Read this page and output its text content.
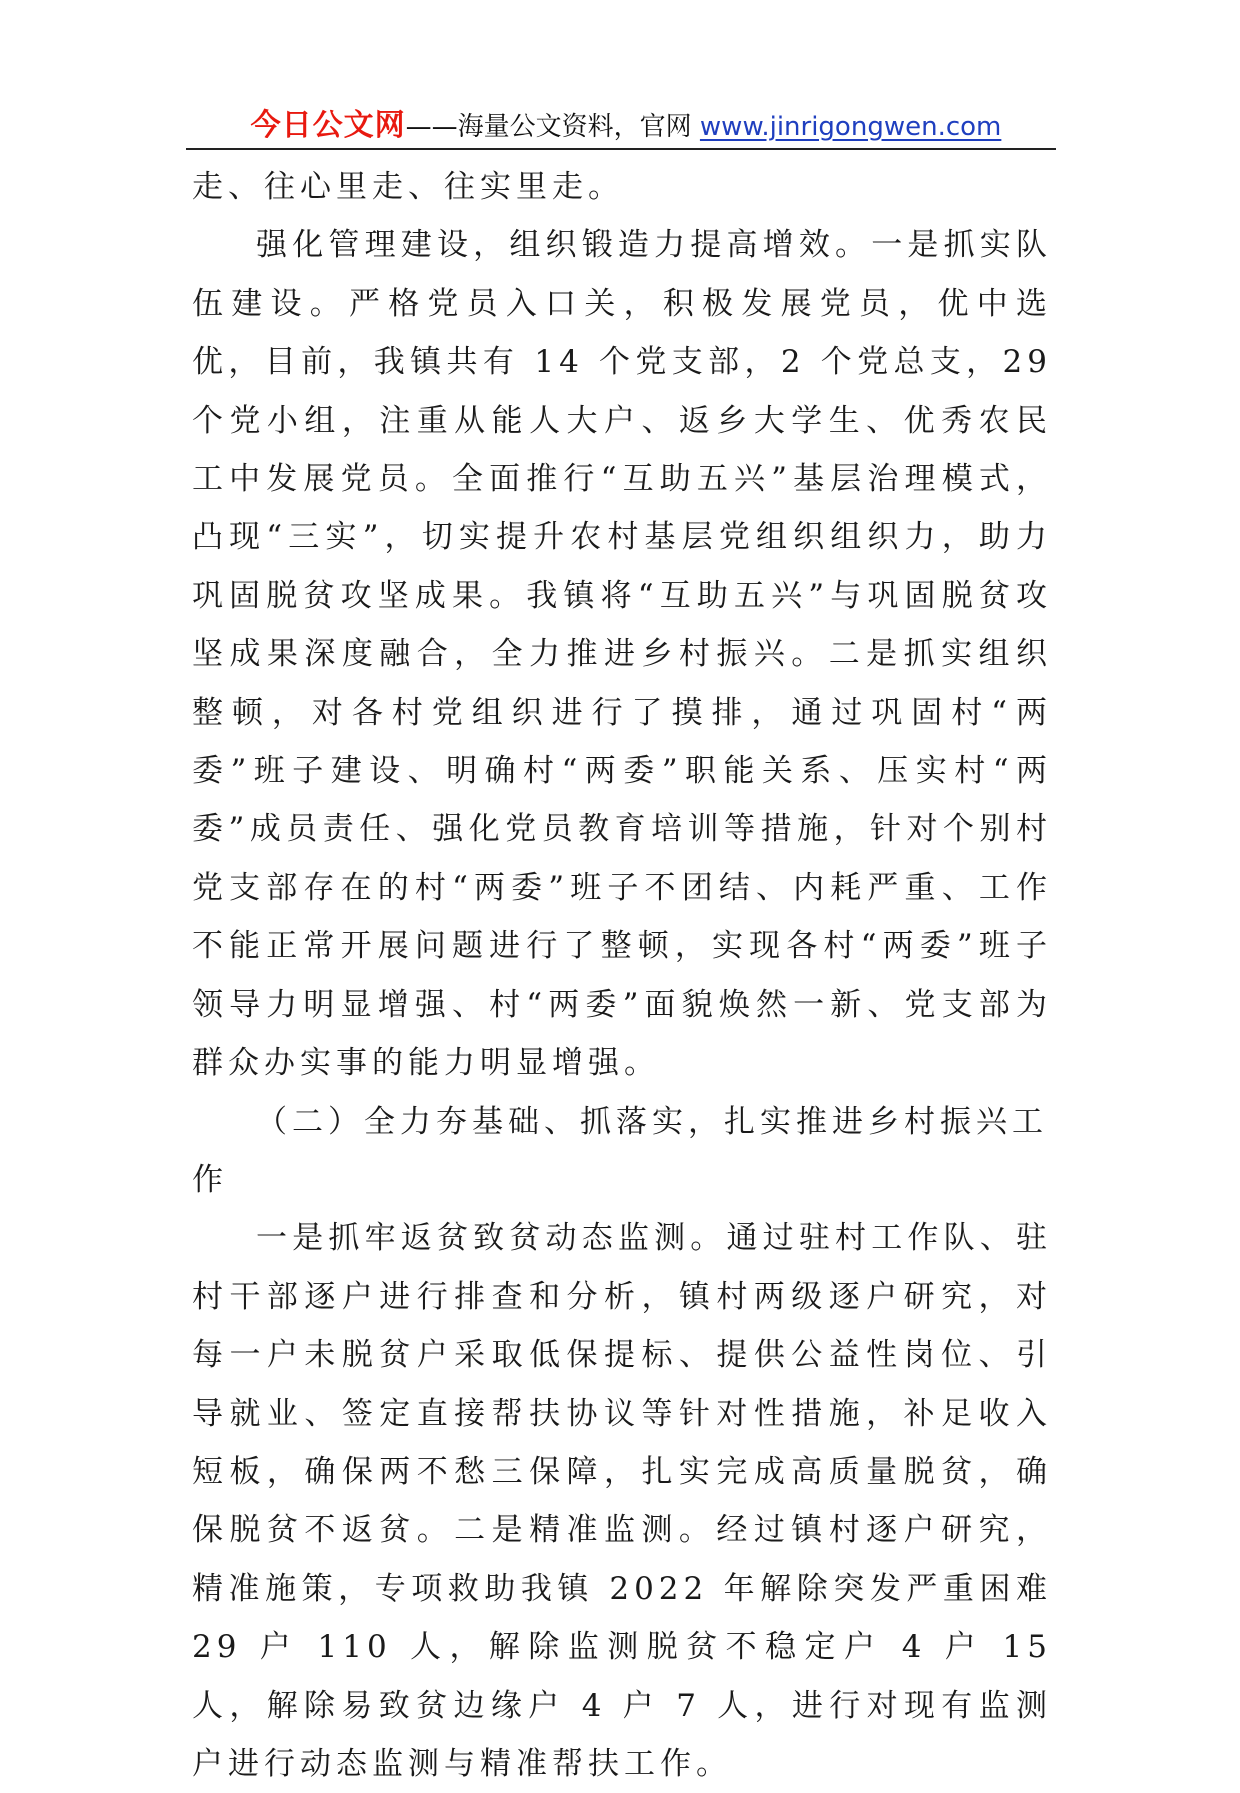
今日公文网——海量公文资料，官网 www.jinrigongwen.com

走、往心里走、往实里走。

强化管理建设，组织锻造力提高增效。一是抓实队伍建设。严格党员入口关，积极发展党员，优中选优，目前，我镇共有 14 个党支部，2 个党总支，29 个党小组，注重从能人大户、返乡大学生、优秀农民工中发展党员。全面推行“互助五兴”基层治理模式，凸现“三实”，切实提升农村基层党组织组织力，助力巩固脱贫攻坚成果。我镇将“互助五兴”与巩固脱贫攻坚成果深度融合，全力推进乡村振兴。二是抓实组织整顿，对各村党组织进行了摸排，通过巩固村“两委”班子建设、明确村“两委”职能关系、压实村“两委”成员责任、强化党员教育培训等措施，针对个别村党支部存在的村“两委”班子不团结、内耗严重、工作不能正常开展问题进行了整顿，实现各村“两委”班子领导力明显增强、村“两委”面貌焕然一新、党支部为群众办实事的能力明显增强。

（二）全力夯基础、抓落实，扎实推进乡村振兴工作

一是抓牢返贫致贫动态监测。通过驻村工作队、驻村干部逐户进行排查和分析，镇村两级逐户研究，对每一户未脱贫户采取低保提标、提供公益性岗位、引导就业、签定直接帮扶协议等针对性措施，补足收入短板，确保两不愁三保障，扎实完成高质量脱贫，确保脱贫不返贫。二是精准监测。经过镇村逐户研究，精准施策，专项救助我镇 2022 年解除突发严重困难 29 户 110 人，解除监测脱贫不稳定户 4 户 15 人，解除易致贫边缘户 4 户 7 人，进行对现有监测户进行动态监测与精准帮扶工作。
